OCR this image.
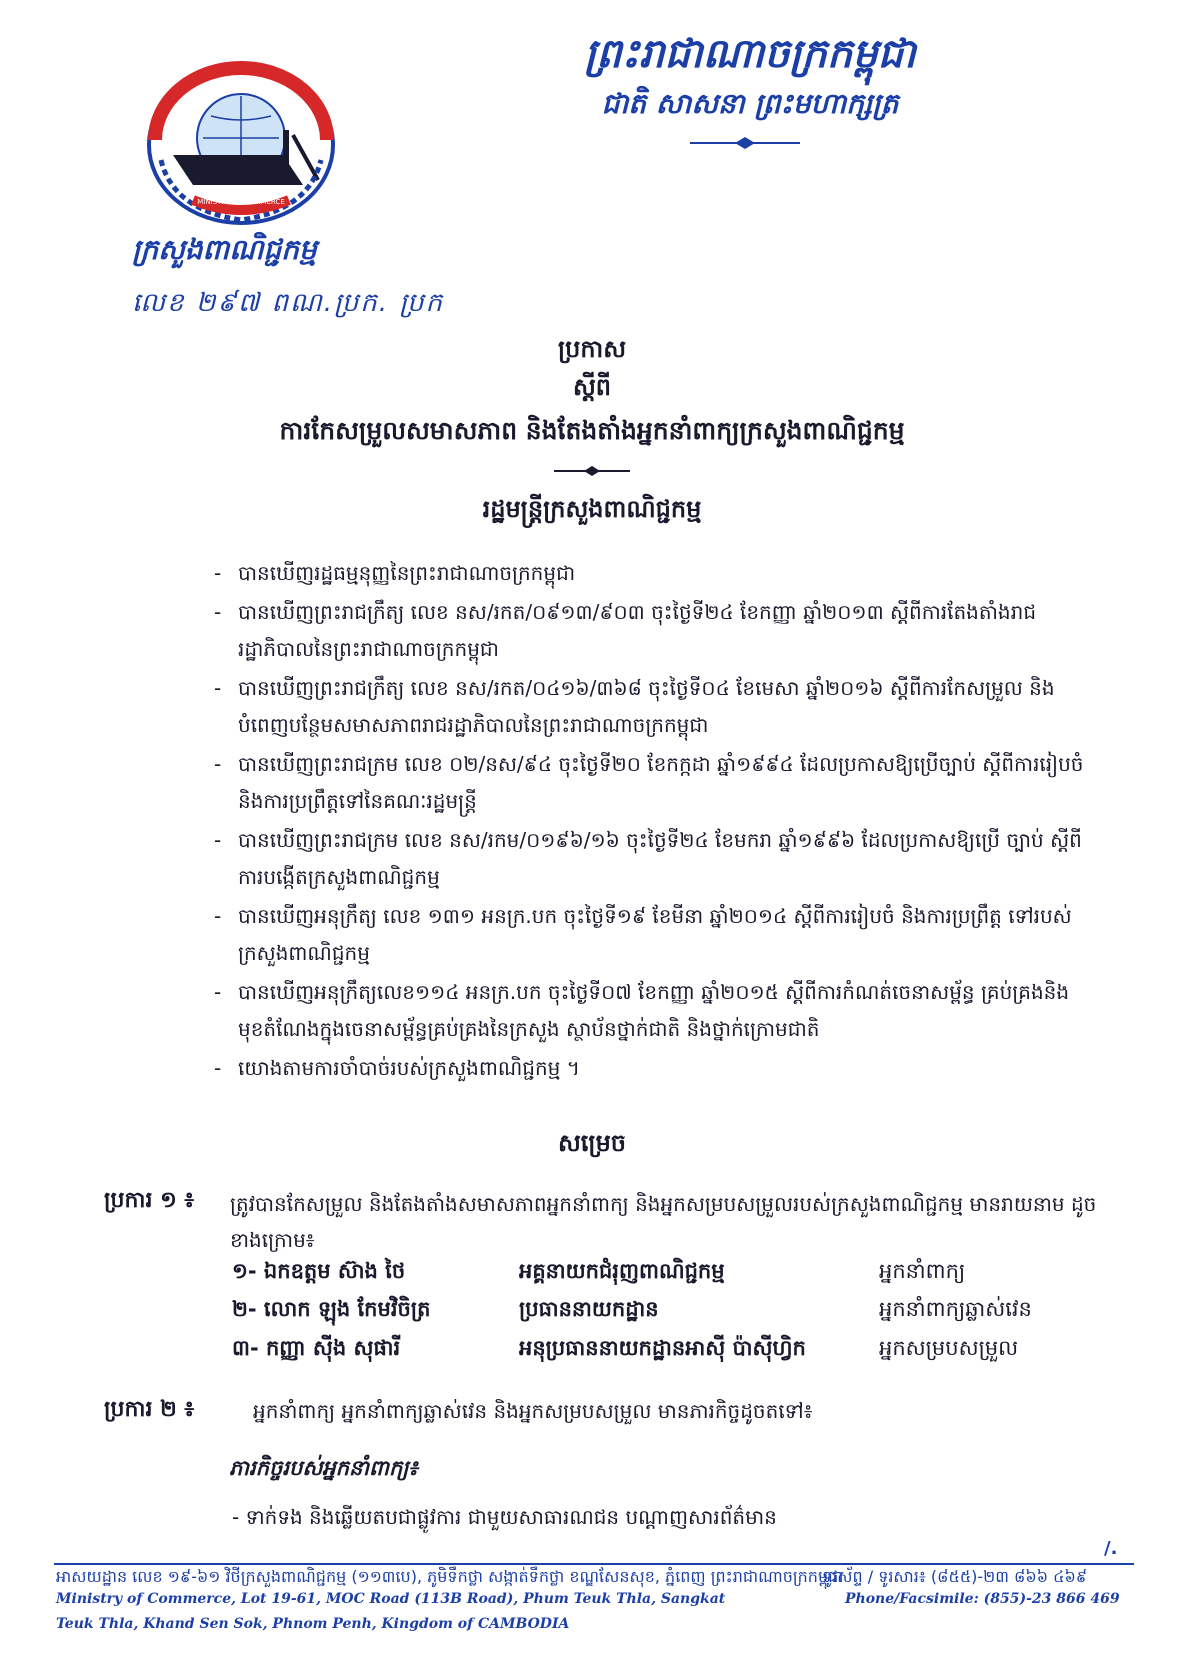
MINISTRY OF COMMERCE
ក្រសួងពាណិជ្ជកម្ម
លេខ ២៩៧ ពណ.ប្រក. ប្រក
ព្រះរាជាណាចក្រកម្ពុជា
ជាតិ សាសនា ព្រះមហាក្សត្រ
ប្រកាស
ស្តីពី
ការកែសម្រួលសមាសភាព និងតែងតាំងអ្នកនាំពាក្យក្រសួងពាណិជ្ជកម្ម
រដ្ឋមន្ត្រីក្រសួងពាណិជ្ជកម្ម
- បានឃើញរដ្ឋធម្មនុញ្ញនៃព្រះរាជាណាចក្រកម្ពុជា
- បានឃើញព្រះរាជក្រឹត្យ លេខ នស/រកត/០៩១៣/៩០៣ ចុះថ្ងៃទី២៤ ខែកញ្ញា ឆ្នាំ២០១៣ ស្តីពីការតែងតាំងរាជរដ្ឋាភិបាលនៃព្រះរាជាណាចក្រកម្ពុជា
- បានឃើញព្រះរាជក្រឹត្យ លេខ នស/រកត/០៤១៦/៣៦៨ ចុះថ្ងៃទី០៤ ខែមេសា ឆ្នាំ២០១៦ ស្តីពីការកែសម្រួល និងបំពេញបន្ថែមសមាសភាពរាជរដ្ឋាភិបាលនៃព្រះរាជាណាចក្រកម្ពុជា
- បានឃើញព្រះរាជក្រម លេខ ០២/នស/៩៤ ចុះថ្ងៃទី២០ ខែកក្កដា ឆ្នាំ១៩៩៤ ដែលប្រកាសឱ្យប្រើច្បាប់ ស្តីពីការរៀបចំ និងការប្រព្រឹត្តទៅនៃគណៈរដ្ឋមន្ត្រី
- បានឃើញព្រះរាជក្រម លេខ នស/រកម/០១៩៦/១៦ ចុះថ្ងៃទី២៤ ខែមករា ឆ្នាំ១៩៩៦ ដែលប្រកាសឱ្យប្រើ ច្បាប់ ស្តីពីការបង្កើតក្រសួងពាណិជ្ជកម្ម
- បានឃើញអនុក្រឹត្យ លេខ ១៣១ អនក្រ.បក ចុះថ្ងៃទី១៩ ខែមីនា ឆ្នាំ២០១៤ ស្តីពីការរៀបចំ និងការប្រព្រឹត្ត ទៅរបស់ក្រសួងពាណិជ្ជកម្ម
- បានឃើញអនុក្រឹត្យលេខ១១៤ អនក្រ.បក ចុះថ្ងៃទី០៧ ខែកញ្ញា ឆ្នាំ២០១៥ ស្តីពីការកំណត់ចេនាសម្ព័ន្ធ គ្រប់គ្រងនិងមុខតំណែងក្នុងចេនាសម្ព័ន្ធគ្រប់គ្រងនៃក្រសួង ស្ថាប័នថ្នាក់ជាតិ និងថ្នាក់ក្រោមជាតិ
- យោងតាមការចាំបាច់របស់ក្រសួងពាណិជ្ជកម្ម ។
សម្រេច
ប្រការ ១ ៖ ត្រូវបានកែសម្រួល និងតែងតាំងសមាសភាពអ្នកនាំពាក្យ និងអ្នកសម្របសម្រួលរបស់ក្រសួងពាណិជ្ជកម្ម មានរាយនាម ដូចខាងក្រោម៖
១- ឯកឧត្តម ស៊ាង ថៃ	អគ្គនាយកជំរុញពាណិជ្ជកម្ម	អ្នកនាំពាក្យ
២- លោក ឡុង កែមវិចិត្រ	ប្រធាននាយកដ្ឋាន	អ្នកនាំពាក្យឆ្លាស់វេន
៣- កញ្ញា ស៊ីង សុផារី	អនុប្រធាននាយកដ្ឋានអាស៊ី ប៉ាស៊ីហ្វិក	អ្នកសម្របសម្រួល
ប្រការ ២ ៖	អ្នកនាំពាក្យ អ្នកនាំពាក្យឆ្លាស់វេន និងអ្នកសម្របសម្រួល មានភារកិច្ចដូចតទៅ៖
ភារកិច្ចរបស់អ្នកនាំពាក្យ៖
- ទាក់ទង និងឆ្លើយតបជាផ្លូវការ ជាមួយសាធារណជន បណ្តាញសារព័ត៌មាន
/.
អាសយដ្ឋាន លេខ ១៩-៦១ វិថីក្រសួងពាណិជ្ជកម្ម (១១៣បេ), ភូមិទឹកថ្លា សង្កាត់ទឹកថ្លា ខណ្ឌសែនសុខ, ភ្នំពេញ ព្រះរាជាណាចក្រកម្ពុជា
Ministry of Commerce, Lot 19-61, MOC Road (113B Road), Phum Teuk Thla, Sangkat
Teuk Thla, Khand Sen Sok, Phnom Penh, Kingdom of CAMBODIA
ទូរស័ព្ទ / ទូរសារ៖ (៨៥៥)-២៣ ៨៦៦ ៤៦៩
Phone/Facsimile: (855)-23 866 469
